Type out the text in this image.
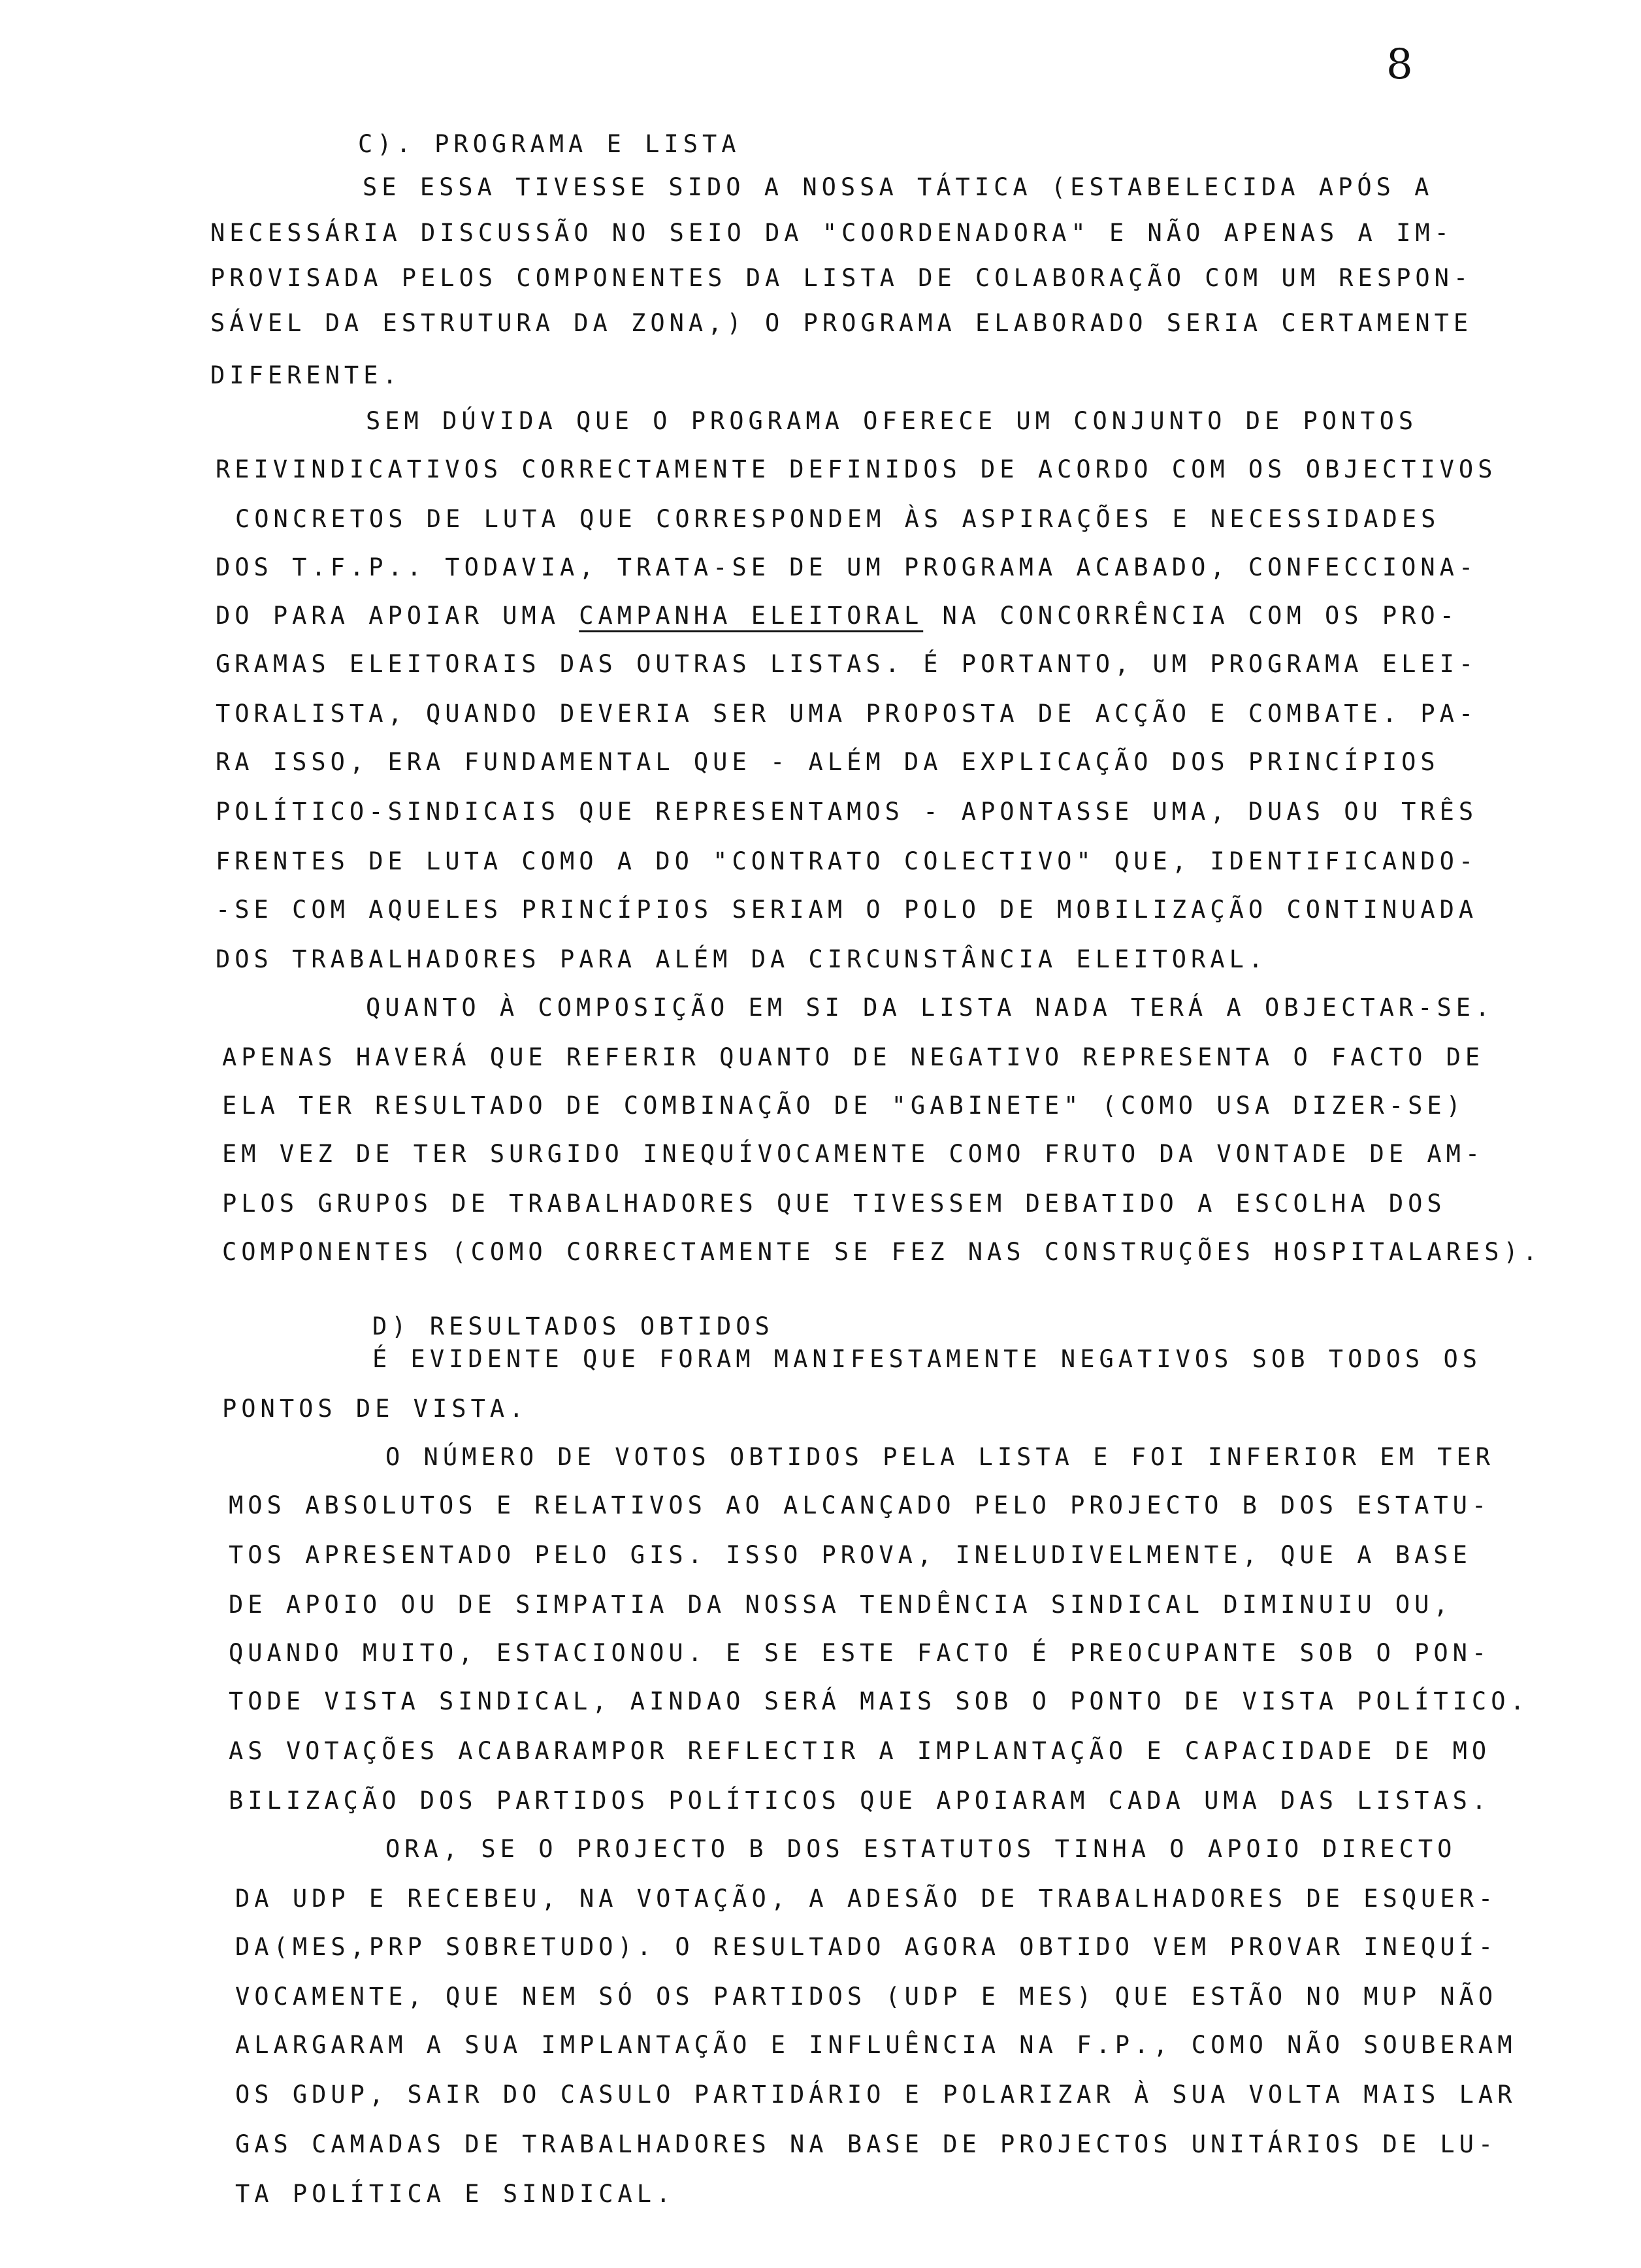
8
C). PROGRAMA E LISTA
SE ESSA TIVESSE SIDO A NOSSA TÁTICA (ESTABELECIDA APÓS A
NECESSÁRIA DISCUSSÃO NO SEIO DA "COORDENADORA" E NÃO APENAS A IM-
PROVISADA PELOS COMPONENTES DA LISTA DE COLABORAÇÃO COM UM RESPON-
SÁVEL DA ESTRUTURA DA ZONA,) O PROGRAMA ELABORADO SERIA CERTAMENTE
DIFERENTE.
SEM DÚVIDA QUE O PROGRAMA OFERECE UM CONJUNTO DE PONTOS
REIVINDICATIVOS CORRECTAMENTE DEFINIDOS DE ACORDO COM OS OBJECTIVOS
CONCRETOS DE LUTA QUE CORRESPONDEM ÀS ASPIRAÇÕES E NECESSIDADES
DOS T.F.P.. TODAVIA, TRATA-SE DE UM PROGRAMA ACABADO, CONFECCIONA-
DO PARA APOIAR UMA CAMPANHA ELEITORAL NA CONCORRÊNCIA COM OS PRO-
GRAMAS ELEITORAIS DAS OUTRAS LISTAS. É PORTANTO, UM PROGRAMA ELEI-
TORALISTA, QUANDO DEVERIA SER UMA PROPOSTA DE ACÇÃO E COMBATE. PA-
RA ISSO, ERA FUNDAMENTAL QUE - ALÉM DA EXPLICAÇÃO DOS PRINCÍPIOS
POLÍTICO-SINDICAIS QUE REPRESENTAMOS - APONTASSE UMA, DUAS OU TRÊS
FRENTES DE LUTA COMO A DO "CONTRATO COLECTIVO" QUE, IDENTIFICANDO-
-SE COM AQUELES PRINCÍPIOS SERIAM O POLO DE MOBILIZAÇÃO CONTINUADA
DOS TRABALHADORES PARA ALÉM DA CIRCUNSTÂNCIA ELEITORAL.
QUANTO À COMPOSIÇÃO EM SI DA LISTA NADA TERÁ A OBJECTAR-SE.
APENAS HAVERÁ QUE REFERIR QUANTO DE NEGATIVO REPRESENTA O FACTO DE
ELA TER RESULTADO DE COMBINAÇÃO DE "GABINETE" (COMO USA DIZER-SE)
EM VEZ DE TER SURGIDO INEQUÍVOCAMENTE COMO FRUTO DA VONTADE DE AM-
PLOS GRUPOS DE TRABALHADORES QUE TIVESSEM DEBATIDO A ESCOLHA DOS
COMPONENTES (COMO CORRECTAMENTE SE FEZ NAS CONSTRUÇÕES HOSPITALARES).
D) RESULTADOS OBTIDOS
É EVIDENTE QUE FORAM MANIFESTAMENTE NEGATIVOS SOB TODOS OS
PONTOS DE VISTA.
O NÚMERO DE VOTOS OBTIDOS PELA LISTA E FOI INFERIOR EM TER
MOS ABSOLUTOS E RELATIVOS AO ALCANÇADO PELO PROJECTO B DOS ESTATU-
TOS APRESENTADO PELO GIS. ISSO PROVA, INELUDIVELMENTE, QUE A BASE
DE APOIO OU DE SIMPATIA DA NOSSA TENDÊNCIA SINDICAL DIMINUIU OU,
QUANDO MUITO, ESTACIONOU. E SE ESTE FACTO É PREOCUPANTE SOB O PON-
TODE VISTA SINDICAL, AINDAO SERÁ MAIS SOB O PONTO DE VISTA POLÍTICO.
AS VOTAÇÕES ACABARAMPOR REFLECTIR A IMPLANTAÇÃO E CAPACIDADE DE MO
BILIZAÇÃO DOS PARTIDOS POLÍTICOS QUE APOIARAM CADA UMA DAS LISTAS.
ORA, SE O PROJECTO B DOS ESTATUTOS TINHA O APOIO DIRECTO
DA UDP E RECEBEU, NA VOTAÇÃO, A ADESÃO DE TRABALHADORES DE ESQUER-
DA(MES,PRP SOBRETUDO). O RESULTADO AGORA OBTIDO VEM PROVAR INEQUÍ-
VOCAMENTE, QUE NEM SÓ OS PARTIDOS (UDP E MES) QUE ESTÃO NO MUP NÃO
ALARGARAM A SUA IMPLANTAÇÃO E INFLUÊNCIA NA F.P., COMO NÃO SOUBERAM
OS GDUP, SAIR DO CASULO PARTIDÁRIO E POLARIZAR À SUA VOLTA MAIS LAR
GAS CAMADAS DE TRABALHADORES NA BASE DE PROJECTOS UNITÁRIOS DE LU-
TA POLÍTICA E SINDICAL.
